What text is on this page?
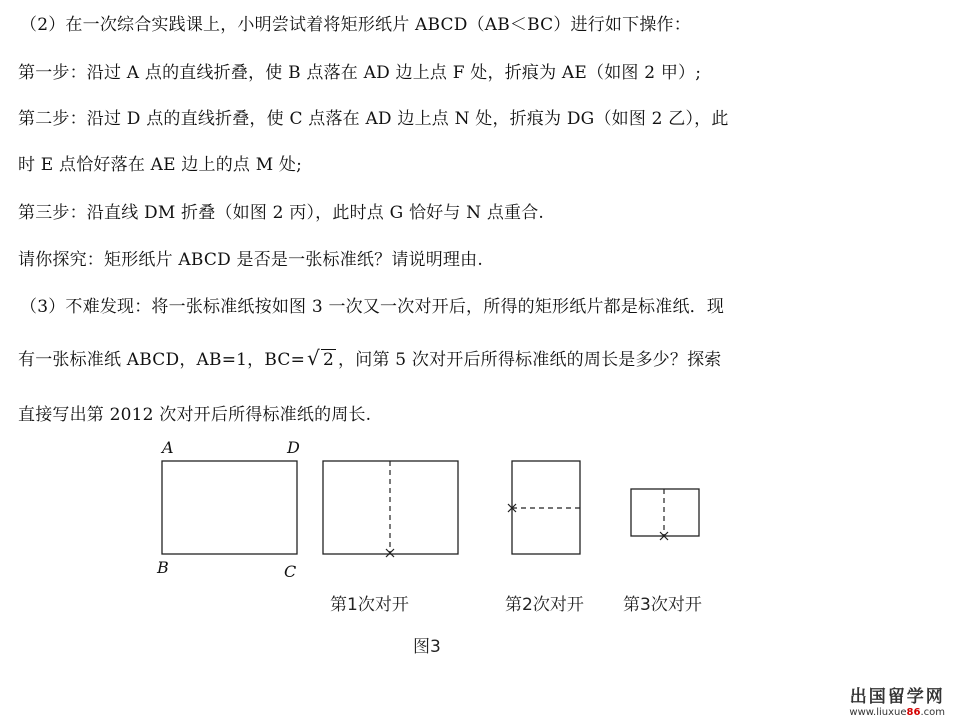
（2）在一次综合实践课上，小明尝试着将矩形纸片 ABCD（AB＜BC）进行如下操作：
第一步：沿过 A 点的直线折叠，使 B 点落在 AD 边上点 F 处，折痕为 AE（如图 2 甲）;
第二步：沿过 D 点的直线折叠，使 C 点落在 AD 边上点 N 处，折痕为 DG（如图 2 乙），此
时 E 点恰好落在 AE 边上的点 M 处;
第三步：沿直线 DM 折叠（如图 2 丙），此时点 G 恰好与 N 点重合.
请你探究：矩形纸片 ABCD 是否是一张标准纸？请说明理由.
（3）不难发现：将一张标准纸按如图 3 一次又一次对开后，所得的矩形纸片都是标准纸．现
有一张标准纸 ABCD，AB=1，BC= √ 2 ，问第 5 次对开后所得标准纸的周长是多少？探索
直接写出第 2012 次对开后所得标准纸的周长.
A	D
B	C
第1次对开	第2次对开 第3次对开
图3
出国留学网
www.liuxue86.com
